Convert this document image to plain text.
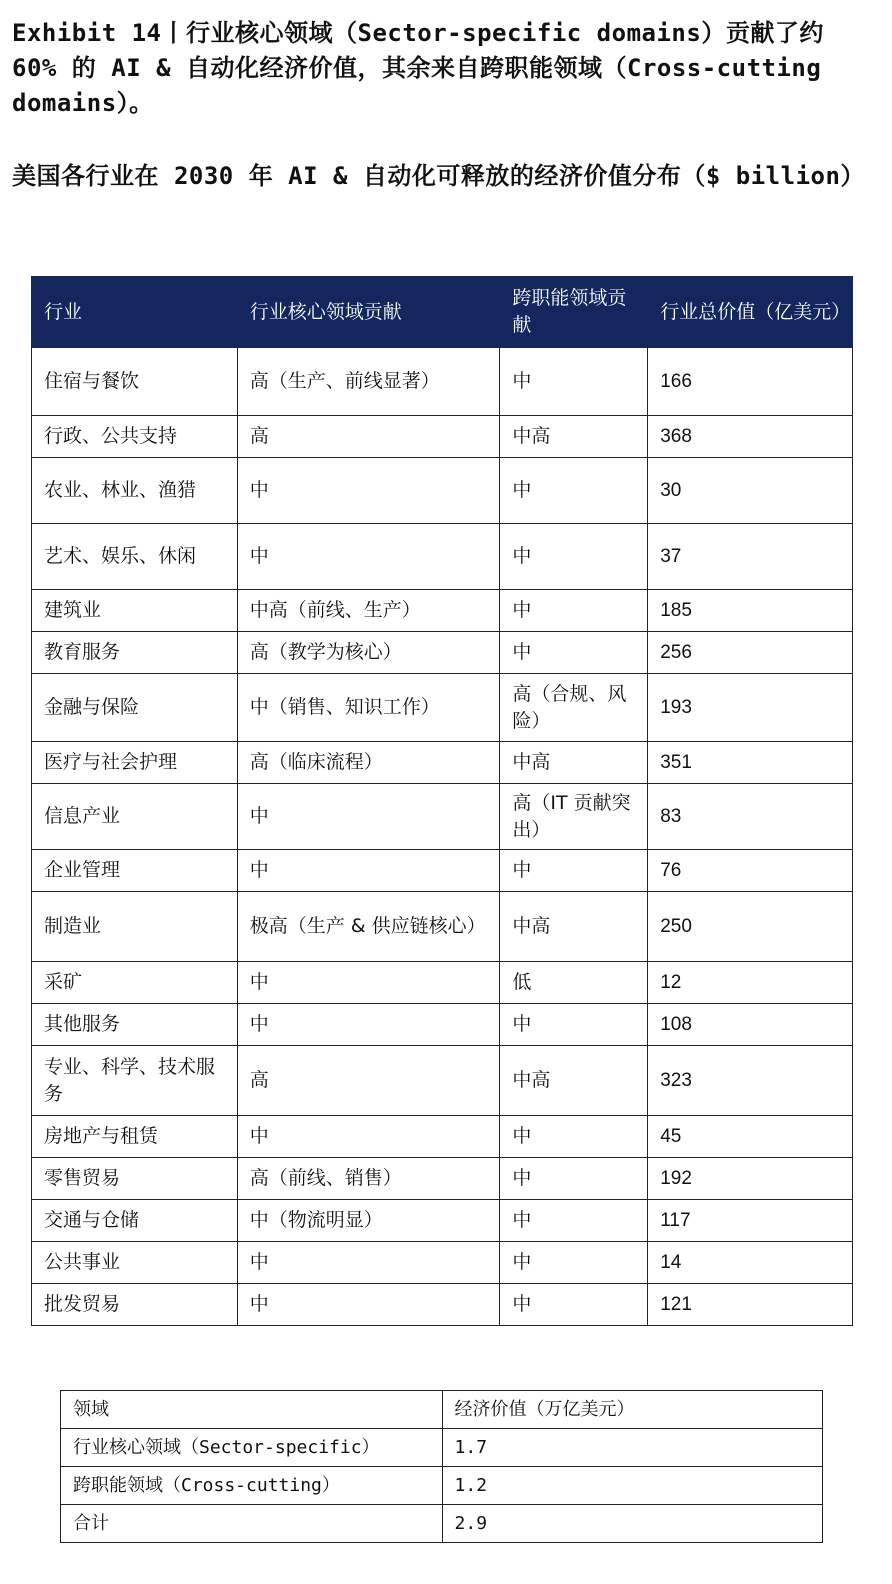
Exhibit 14丨行业核心领域（Sector-specific domains）贡献了约 60% 的 AI & 自动化经济价值，其余来自跨职能领域（Cross-cutting domains）。

美国各行业在 2030 年 AI & 自动化可释放的经济价值分布（$ billion）

行业	行业核心领域贡献	跨职能领域贡献	行业总价值（亿美元）
住宿与餐饮	高（生产、前线显著）	中	166
行政、公共支持	高	中高	368
农业、林业、渔猎	中	中	30
艺术、娱乐、休闲	中	中	37
建筑业	中高（前线、生产）	中	185
教育服务	高（教学为核心）	中	256
金融与保险	中（销售、知识工作）	高（合规、风险）	193
医疗与社会护理	高（临床流程）	中高	351
信息产业	中	高（IT 贡献突出）	83
企业管理	中	中	76
制造业	极高（生产 & 供应链核心）	中高	250
采矿	中	低	12
其他服务	中	中	108
专业、科学、技术服务	高	中高	323
房地产与租赁	中	中	45
零售贸易	高（前线、销售）	中	192
交通与仓储	中（物流明显）	中	117
公共事业	中	中	14
批发贸易	中	中	121
领域	经济价值（万亿美元）
行业核心领域（Sector-specific）	1.7
跨职能领域（Cross-cutting）	1.2
合计	2.9
